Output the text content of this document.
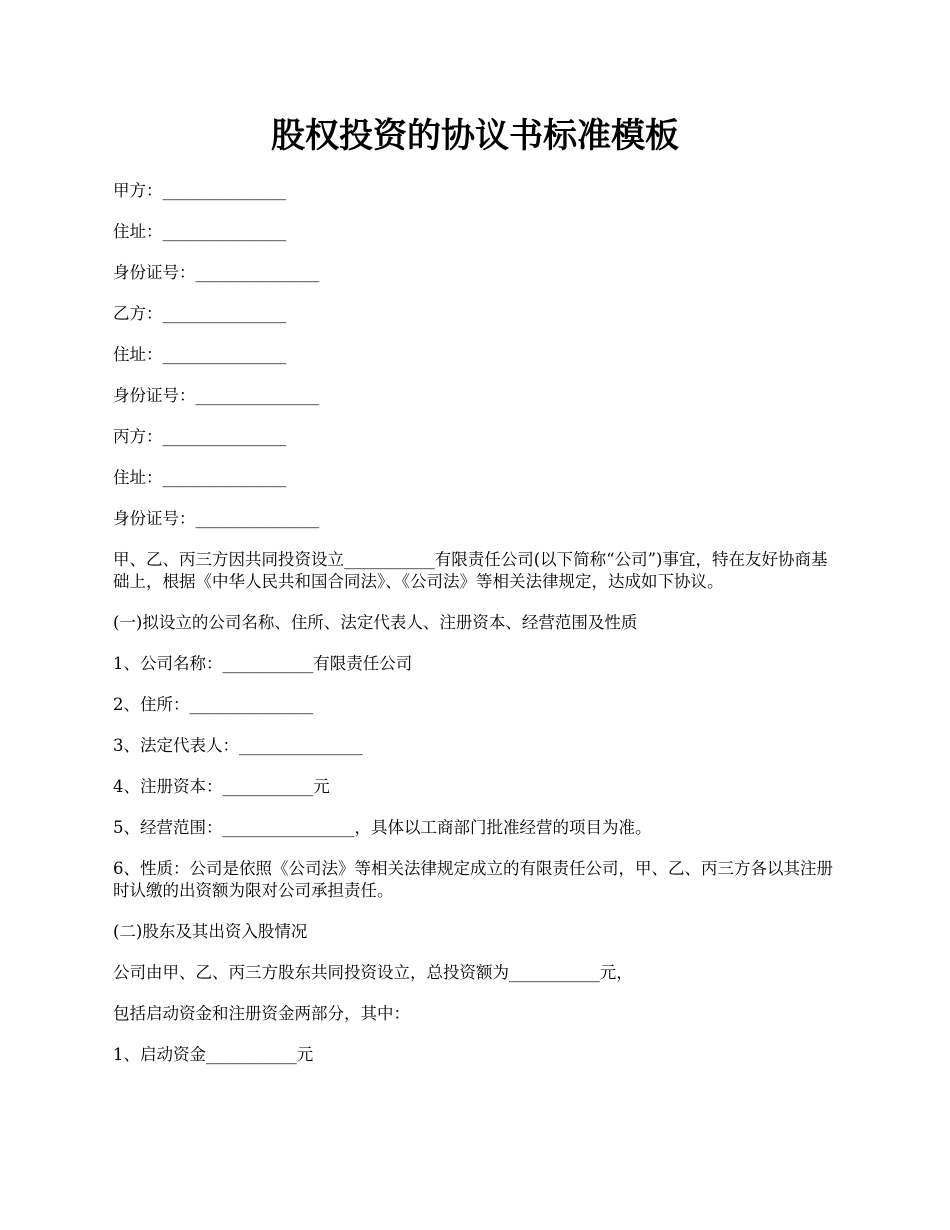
股权投资的协议书标准模板

甲方：_______________

住址：_______________

身份证号：_______________

乙方：_______________

住址：_______________

身份证号：_______________

丙方：_______________

住址：_______________

身份证号：_______________

甲、乙、丙三方因共同投资设立___________有限责任公司(以下简称“公司”)事宜，特在友好协商基础上，根据《中华人民共和国合同法》、《公司法》等相关法律规定，达成如下协议。

(一)拟设立的公司名称、住所、法定代表人、注册资本、经营范围及性质

1、公司名称：___________有限责任公司

2、住所：_______________

3、法定代表人：_______________

4、注册资本：___________元

5、经营范围：________________，具体以工商部门批准经营的项目为准。

6、性质：公司是依照《公司法》等相关法律规定成立的有限责任公司，甲、乙、丙三方各以其注册时认缴的出资额为限对公司承担责任。

(二)股东及其出资入股情况

公司由甲、乙、丙三方股东共同投资设立，总投资额为___________元，

包括启动资金和注册资金两部分，其中：

1、启动资金___________元
